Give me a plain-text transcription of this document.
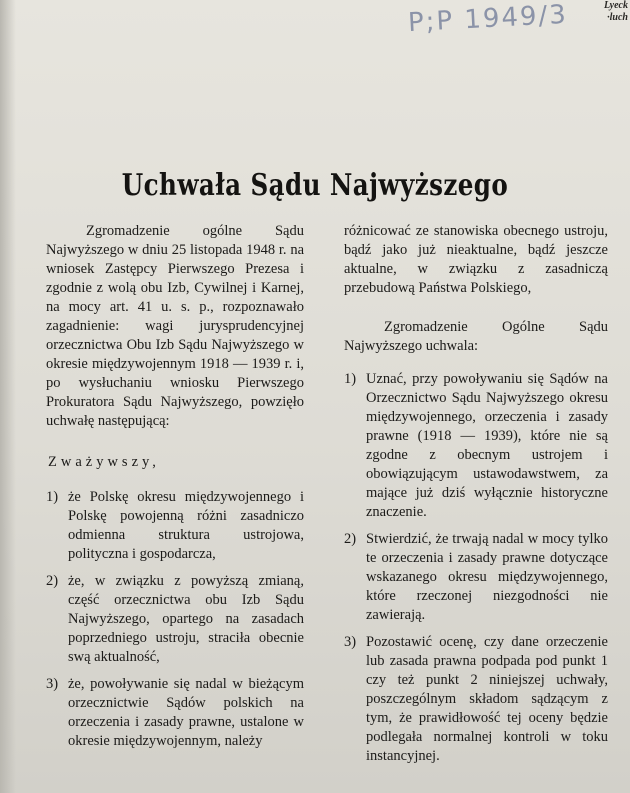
P;P 1949/3	Lyeck
·luch
Uchwała Sądu Najwyższego

Zgromadzenie ogólne Sądu Najwyższego w dniu 25 listopada 1948 r. na wniosek Zastępcy Pierwszego Prezesa i zgodnie z wolą obu Izb, Cywilnej i Karnej, na mocy art. 41 u. s. p., rozpoznawało zagadnienie: wagi jurysprudencyjnej orzecznictwa Obu Izb Sądu Najwyższego w okresie międzywojennym 1918 — 1939 r. i, po wysłuchaniu wniosku Pierwszego Prokuratora Sądu Najwyższego, powzięło uchwałę następującą:

Zważywszy,
1) że Polskę okresu międzywojennego i Polskę powojenną różni zasadniczo odmienna struktura ustrojowa, polityczna i gospodarcza,
2) że, w związku z powyższą zmianą, część orzecznictwa obu Izb Sądu Najwyższego, opartego na zasadach poprzedniego ustroju, straciła obecnie swą aktualność,
3) że, powoływanie się nadal w bieżącym orzecznictwie Sądów polskich na orzeczenia i zasady prawne, ustalone w okresie międzywojennym, należy

różnicować ze stanowiska obecnego ustroju, bądź jako już nieaktualne, bądź jeszcze aktualne, w związku z zasadniczą przebudową Państwa Polskiego,

Zgromadzenie Ogólne Sądu Najwyższego uchwala:

1) Uznać, przy powoływaniu się Sądów na Orzecznictwo Sądu Najwyższego okresu międzywojennego, orzeczenia i zasady prawne (1918 — 1939), które nie są zgodne z obecnym ustrojem i obowiązującym ustawodawstwem, za mające już dziś wyłącznie historyczne znaczenie.
2) Stwierdzić, że trwają nadal w mocy tylko te orzeczenia i zasady prawne dotyczące wskazanego okresu międzywojennego, które rzeczonej niezgodności nie zawierają.
3) Pozostawić ocenę, czy dane orzeczenie lub zasada prawna podpada pod punkt 1 czy też punkt 2 niniejszej uchwały, poszczególnym składom sądzącym z tym, że prawidłowość tej oceny będzie podlegała normalnej kontroli w toku instancyjnej.
